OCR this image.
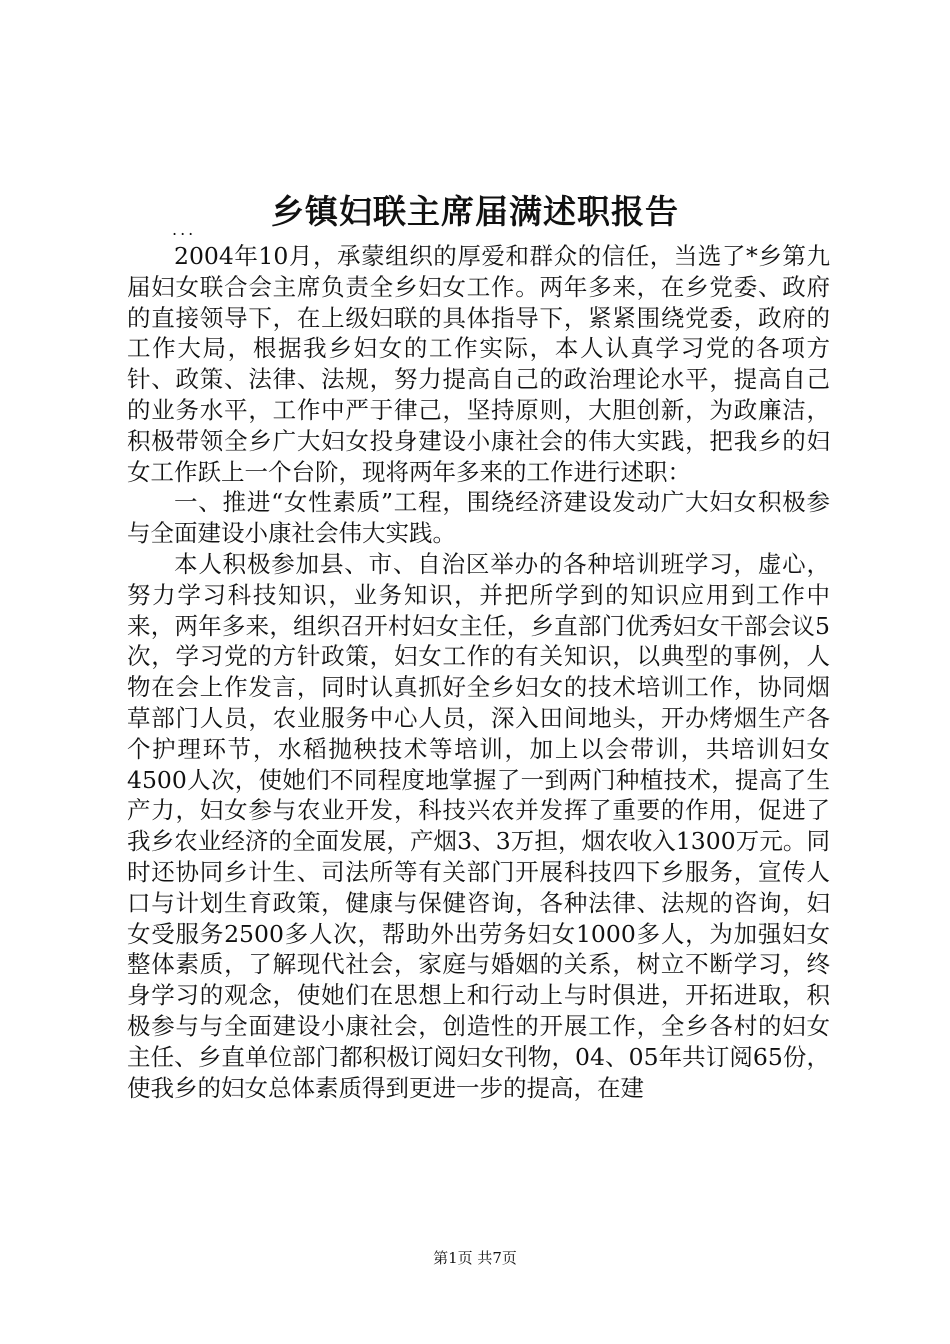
乡镇妇联主席届满述职报告
...

2004年10月，承蒙组织的厚爱和群众的信任，当选了*乡第九届妇女联合会主席负责全乡妇女工作。两年多来，在乡党委、政府的直接领导下，在上级妇联的具体指导下，紧紧围绕党委，政府的工作大局，根据我乡妇女的工作实际，本人认真学习党的各项方针、政策、法律、法规，努力提高自己的政治理论水平，提高自己的业务水平，工作中严于律己，坚持原则，大胆创新，为政廉洁，积极带领全乡广大妇女投身建设小康社会的伟大实践，把我乡的妇女工作跃上一个台阶，现将两年多来的工作进行述职：

一、推进“女性素质”工程，围绕经济建设发动广大妇女积极参与全面建设小康社会伟大实践。

本人积极参加县、市、自治区举办的各种培训班学习，虚心，努力学习科技知识，业务知识，并把所学到的知识应用到工作中来，两年多来，组织召开村妇女主任，乡直部门优秀妇女干部会议5次，学习党的方针政策，妇女工作的有关知识，以典型的事例，人物在会上作发言，同时认真抓好全乡妇女的技术培训工作，协同烟草部门人员，农业服务中心人员，深入田间地头，开办烤烟生产各个护理环节，水稻抛秧技术等培训，加上以会带训，共培训妇女4500人次，使她们不同程度地掌握了一到两门种植技术，提高了生产力，妇女参与农业开发，科技兴农并发挥了重要的作用，促进了我乡农业经济的全面发展，产烟3、3万担，烟农收入1300万元。同时还协同乡计生、司法所等有关部门开展科技四下乡服务，宣传人口与计划生育政策，健康与保健咨询，各种法律、法规的咨询，妇女受服务2500多人次，帮助外出劳务妇女1000多人，为加强妇女整体素质，了解现代社会，家庭与婚姻的关系，树立不断学习，终身学习的观念，使她们在思想上和行动上与时俱进，开拓进取，积极参与与全面建设小康社会，创造性的开展工作，全乡各村的妇女主任、乡直单位部门都积极订阅妇女刊物，04、05年共订阅65份，使我乡的妇女总体素质得到更进一步的提高，在建

第1页 共7页
